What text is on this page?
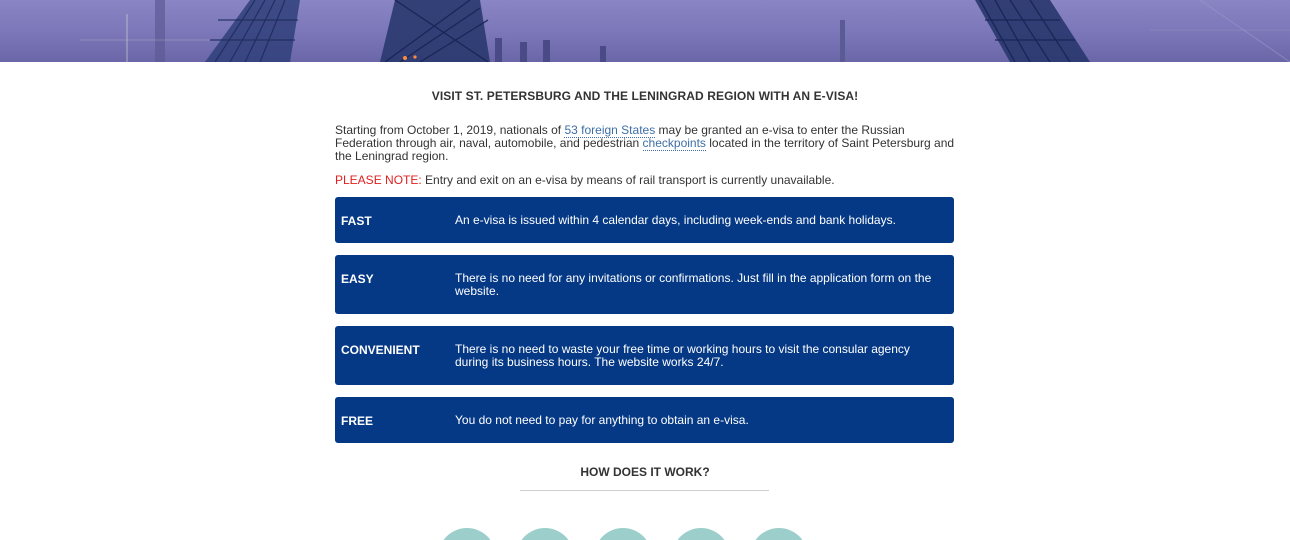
VISIT ST. PETERSBURG AND THE LENINGRAD REGION WITH AN E-VISA!

Starting from October 1, 2019, nationals of 53 foreign States may be granted an e-visa to enter the Russian Federation through air, naval, automobile, and pedestrian checkpoints located in the territory of Saint Petersburg and the Leningrad region.

PLEASE NOTE: Entry and exit on an e-visa by means of rail transport is currently unavailable.

FAST	An e-visa is issued within 4 calendar days, including week-ends and bank holidays.
EASY	There is no need for any invitations or confirmations. Just fill in the application form on the website.
CONVENIENT	There is no need to waste your free time or working hours to visit the consular agency during its business hours. The website works 24/7.
FREE	You do not need to pay for anything to obtain an e-visa.
HOW DOES IT WORK?
